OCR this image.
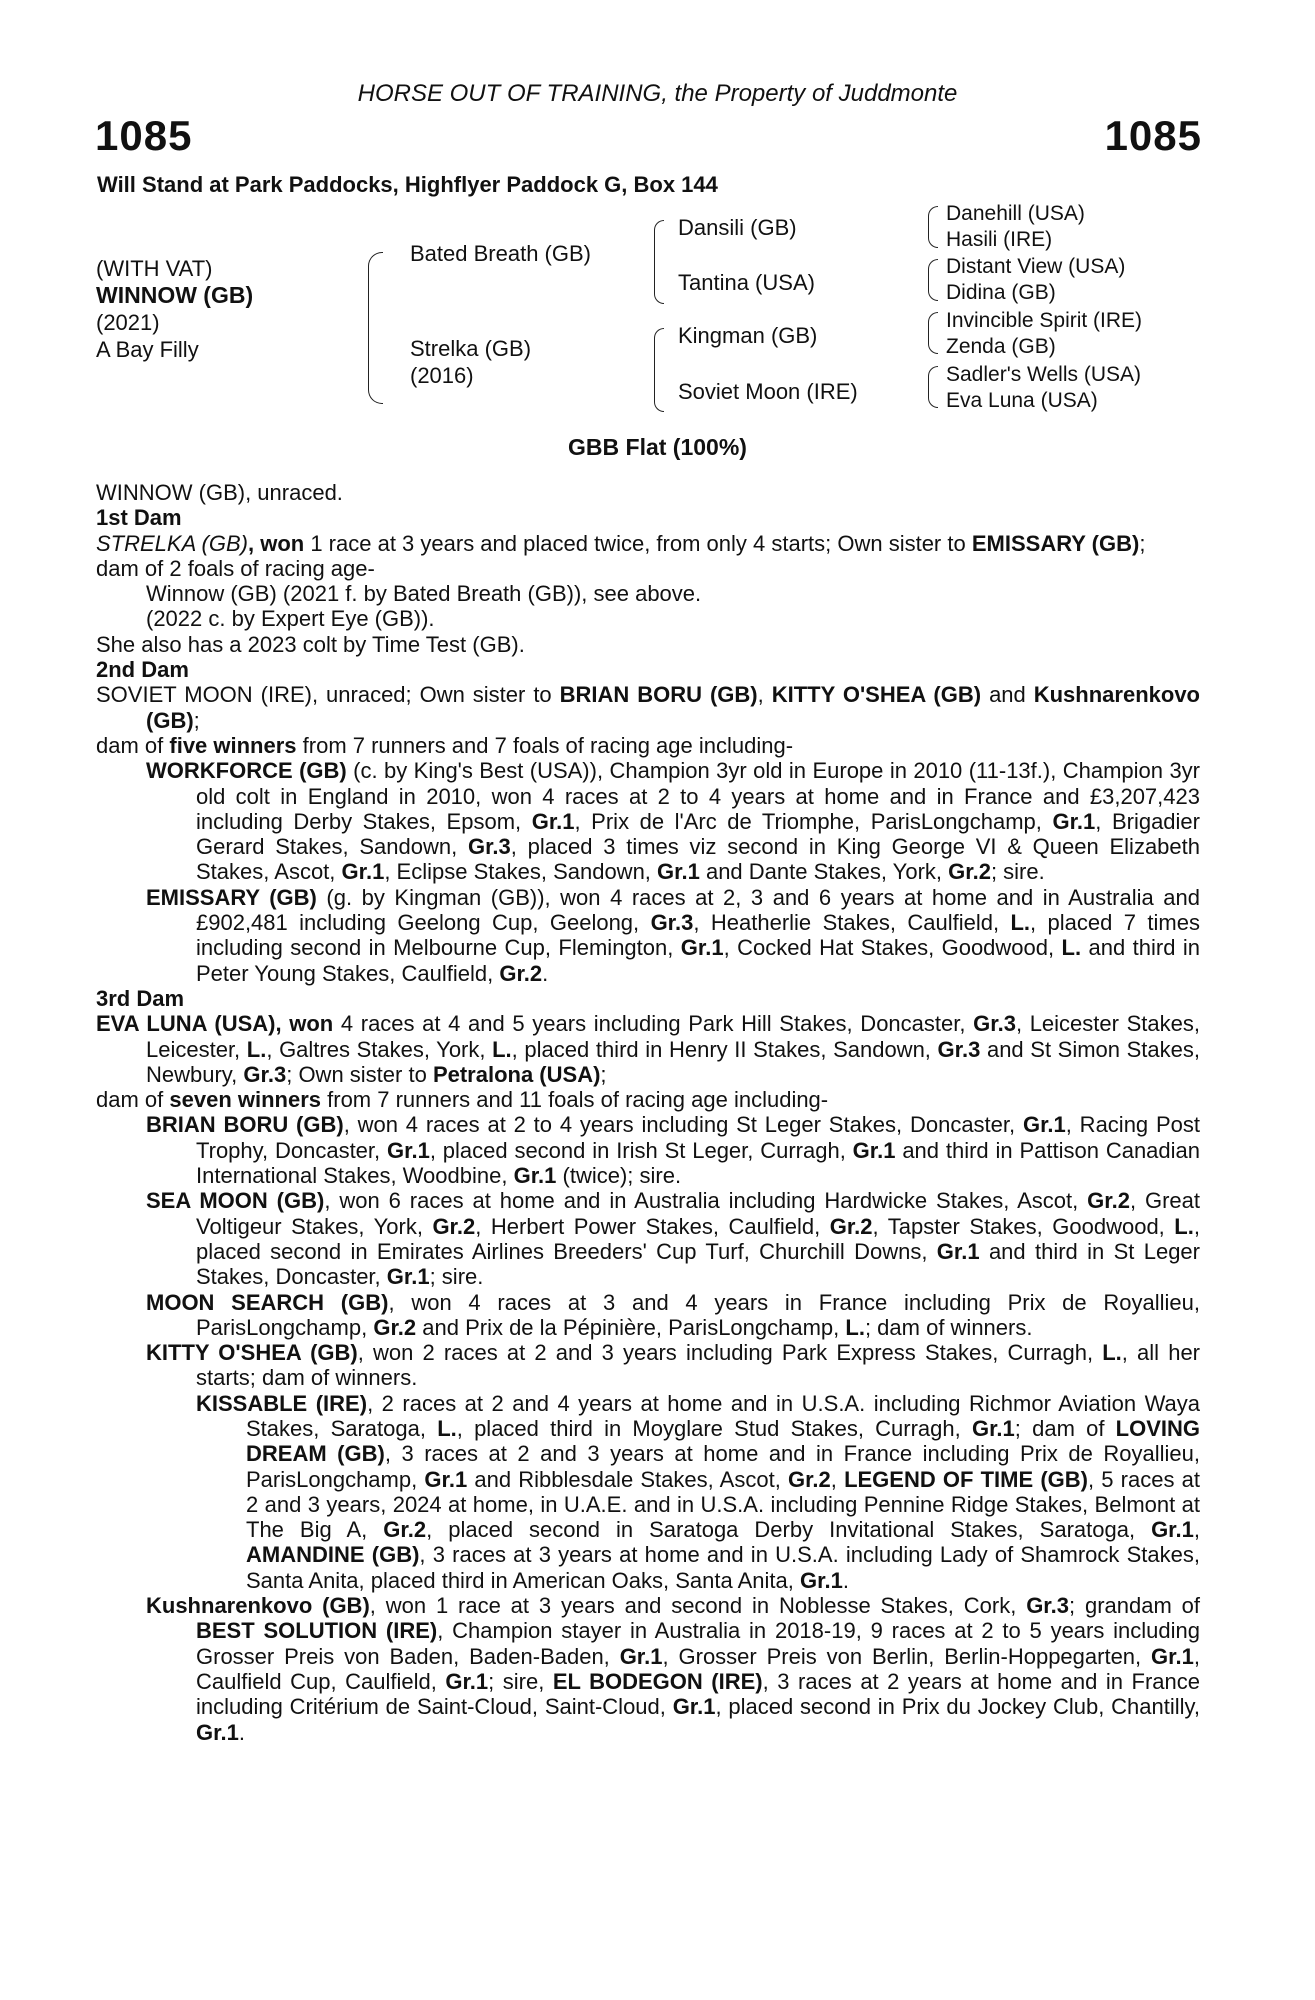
HORSE OUT OF TRAINING, the Property of Juddmonte
1085	1085
Will Stand at Park Paddocks, Highflyer Paddock G, Box 144
(WITH VAT)
WINNOW (GB)
(2021)
A Bay Filly
Bated Breath (GB)
Strelka (GB)
(2016)
Dansili (GB)
Tantina (USA)
Kingman (GB)
Soviet Moon (IRE)
Danehill (USA)
Hasili (IRE)
Distant View (USA)
Didina (GB)
Invincible Spirit (IRE)
Zenda (GB)
Sadler's Wells (USA)
Eva Luna (USA)
GBB Flat (100%)

WINNOW (GB), unraced.

1st Dam

STRELKA (GB), won 1 race at 3 years and placed twice, from only 4 starts; Own sister to EMISSARY (GB);

dam of 2 foals of racing age-

Winnow (GB) (2021 f. by Bated Breath (GB)), see above.

(2022 c. by Expert Eye (GB)).

She also has a 2023 colt by Time Test (GB).

2nd Dam

SOVIET MOON (IRE), unraced; Own sister to BRIAN BORU (GB), KITTY O'SHEA (GB) and Kushnarenkovo (GB);

dam of five winners from 7 runners and 7 foals of racing age including-

WORKFORCE (GB) (c. by King's Best (USA)), Champion 3yr old in Europe in 2010 (11-13f.), Champion 3yr old colt in England in 2010, won 4 races at 2 to 4 years at home and in France and £3,207,423 including Derby Stakes, Epsom, Gr.1, Prix de l'Arc de Triomphe, ParisLongchamp, Gr.1, Brigadier Gerard Stakes, Sandown, Gr.3, placed 3 times viz second in King George VI & Queen Elizabeth Stakes, Ascot, Gr.1, Eclipse Stakes, Sandown, Gr.1 and Dante Stakes, York, Gr.2; sire.

EMISSARY (GB) (g. by Kingman (GB)), won 4 races at 2, 3 and 6 years at home and in Australia and £902,481 including Geelong Cup, Geelong, Gr.3, Heatherlie Stakes, Caulfield, L., placed 7 times including second in Melbourne Cup, Flemington, Gr.1, Cocked Hat Stakes, Goodwood, L. and third in Peter Young Stakes, Caulfield, Gr.2.

3rd Dam

EVA LUNA (USA), won 4 races at 4 and 5 years including Park Hill Stakes, Doncaster, Gr.3, Leicester Stakes, Leicester, L., Galtres Stakes, York, L., placed third in Henry II Stakes, Sandown, Gr.3 and St Simon Stakes, Newbury, Gr.3; Own sister to Petralona (USA);

dam of seven winners from 7 runners and 11 foals of racing age including-

BRIAN BORU (GB), won 4 races at 2 to 4 years including St Leger Stakes, Doncaster, Gr.1, Racing Post Trophy, Doncaster, Gr.1, placed second in Irish St Leger, Curragh, Gr.1 and third in Pattison Canadian International Stakes, Woodbine, Gr.1 (twice); sire.

SEA MOON (GB), won 6 races at home and in Australia including Hardwicke Stakes, Ascot, Gr.2, Great Voltigeur Stakes, York, Gr.2, Herbert Power Stakes, Caulfield, Gr.2, Tapster Stakes, Goodwood, L., placed second in Emirates Airlines Breeders' Cup Turf, Churchill Downs, Gr.1 and third in St Leger Stakes, Doncaster, Gr.1; sire.

MOON SEARCH (GB), won 4 races at 3 and 4 years in France including Prix de Royallieu, ParisLongchamp, Gr.2 and Prix de la Pépinière, ParisLongchamp, L.; dam of winners.

KITTY O'SHEA (GB), won 2 races at 2 and 3 years including Park Express Stakes, Curragh, L., all her starts; dam of winners.

KISSABLE (IRE), 2 races at 2 and 4 years at home and in U.S.A. including Richmor Aviation Waya Stakes, Saratoga, L., placed third in Moyglare Stud Stakes, Curragh, Gr.1; dam of LOVING DREAM (GB), 3 races at 2 and 3 years at home and in France including Prix de Royallieu, ParisLongchamp, Gr.1 and Ribblesdale Stakes, Ascot, Gr.2, LEGEND OF TIME (GB), 5 races at 2 and 3 years, 2024 at home, in U.A.E. and in U.S.A. including Pennine Ridge Stakes, Belmont at The Big A, Gr.2, placed second in Saratoga Derby Invitational Stakes, Saratoga, Gr.1, AMANDINE (GB), 3 races at 3 years at home and in U.S.A. including Lady of Shamrock Stakes, Santa Anita, placed third in American Oaks, Santa Anita, Gr.1.

Kushnarenkovo (GB), won 1 race at 3 years and second in Noblesse Stakes, Cork, Gr.3; grandam of BEST SOLUTION (IRE), Champion stayer in Australia in 2018-19, 9 races at 2 to 5 years including Grosser Preis von Baden, Baden-Baden, Gr.1, Grosser Preis von Berlin, Berlin-Hoppegarten, Gr.1, Caulfield Cup, Caulfield, Gr.1; sire, EL BODEGON (IRE), 3 races at 2 years at home and in France including Critérium de Saint-Cloud, Saint-Cloud, Gr.1, placed second in Prix du Jockey Club, Chantilly, Gr.1.
